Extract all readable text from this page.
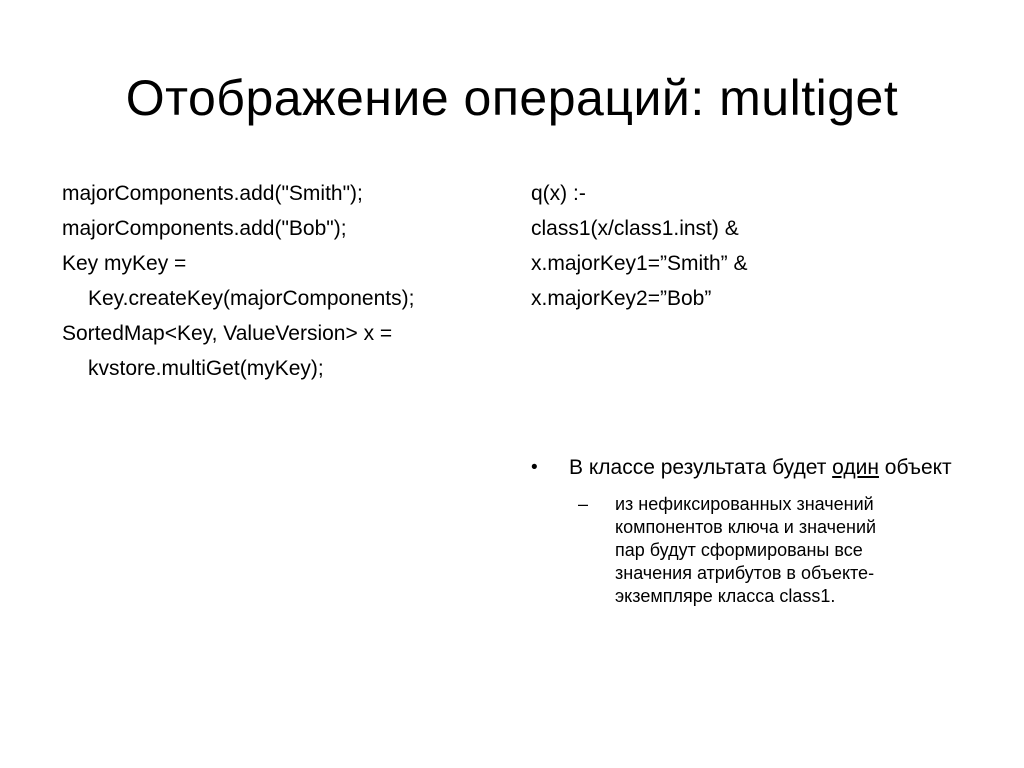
Отображение операций: multiget
majorComponents.add("Smith");
majorComponents.add("Bob");
Key myKey =
Key.createKey(majorComponents);
SortedMap<Key, ValueVersion> x =
kvstore.multiGet(myKey);
q(x) :-
class1(x/class1.inst) &
x.majorKey1=”Smith” &
x.majorKey2=”Bob”
•	В классе результата будет один объект
–	из нефиксированных значений компонентов ключа и значений пар будут сформированы все значения атрибутов в объекте-экземпляре класса class1.
